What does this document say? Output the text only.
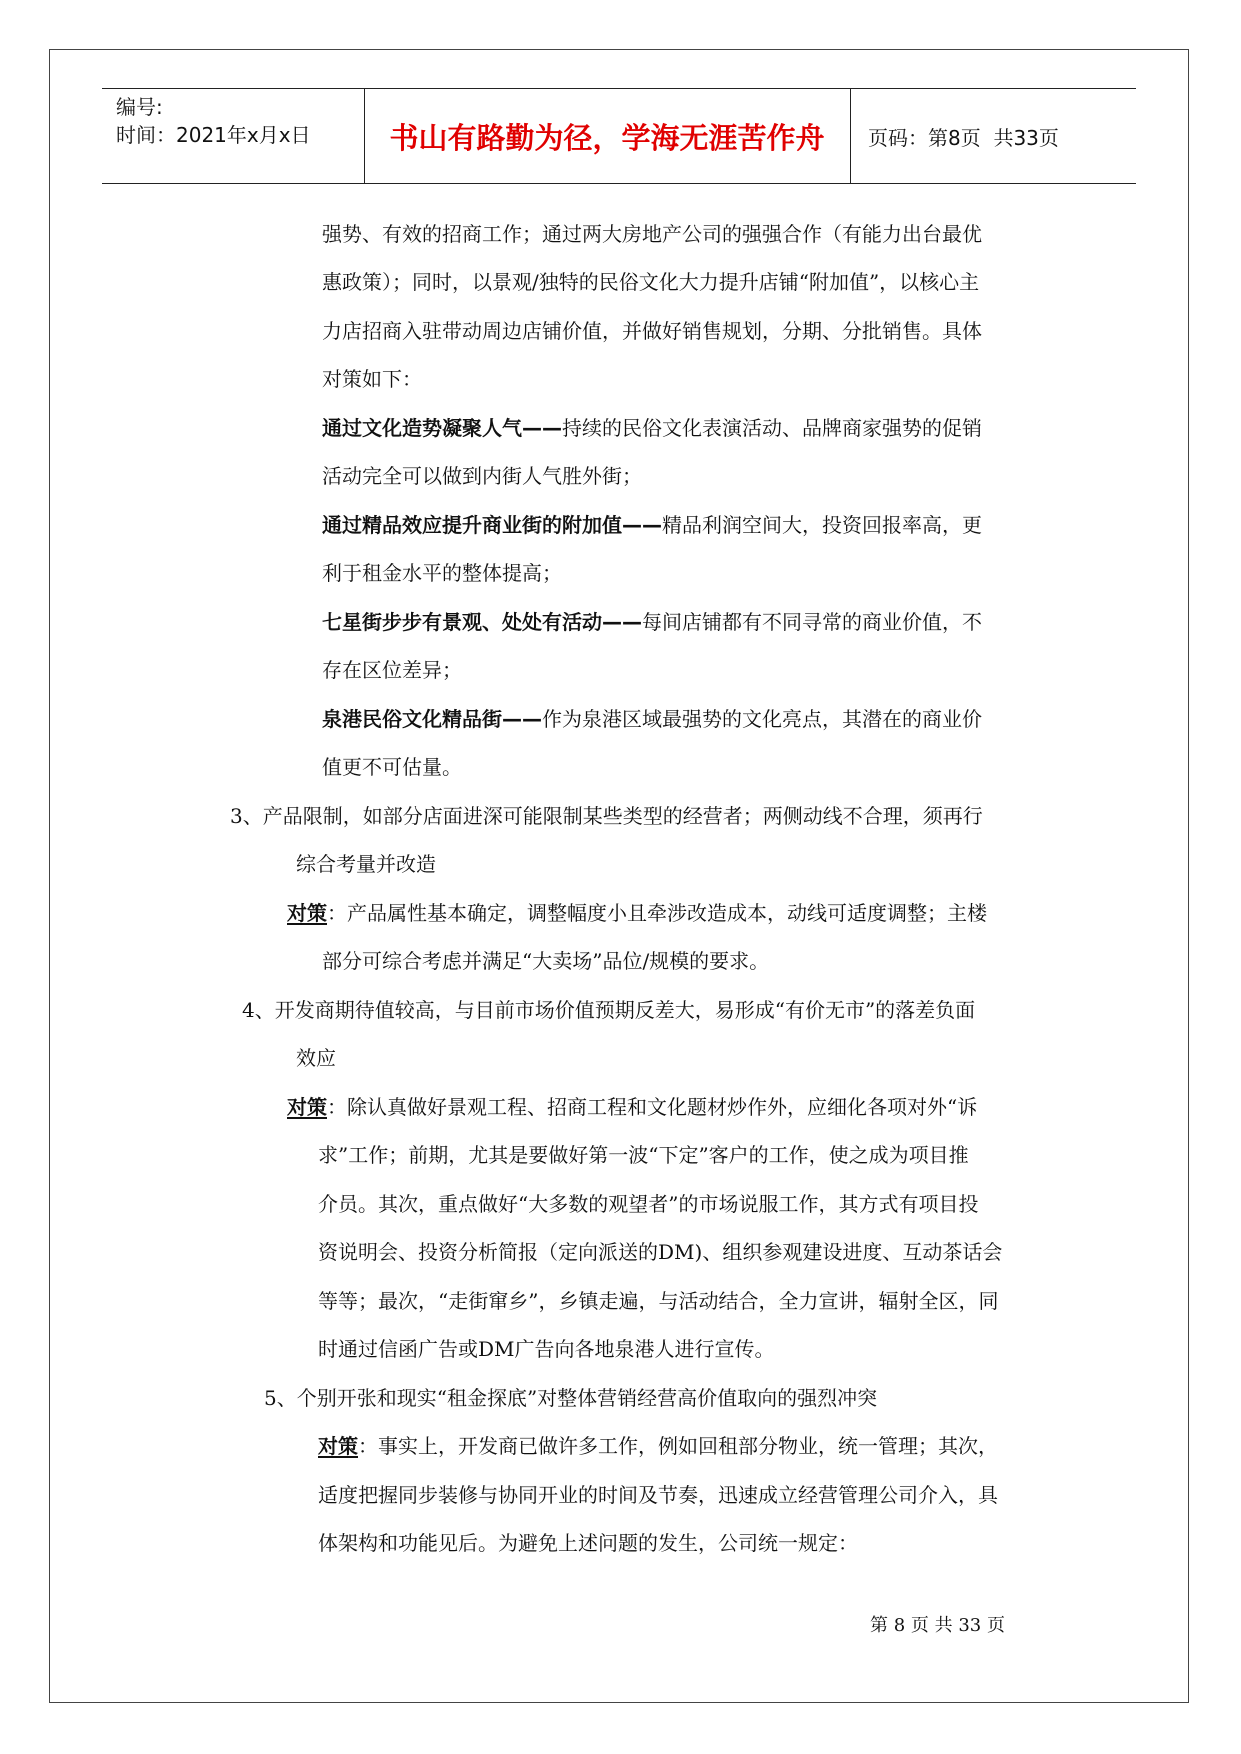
编号:
时间：2021年x月x日	书山有路勤为径，学海无涯苦作舟	页码：第8页  共33页
强势、有效的招商工作；通过两大房地产公司的强强合作（有能力出台最优
惠政策）；同时，以景观/独特的民俗文化大力提升店铺“附加值”，以核心主
力店招商入驻带动周边店铺价值，并做好销售规划，分期、分批销售。具体
对策如下：
通过文化造势凝聚人气——持续的民俗文化表演活动、品牌商家强势的促销
活动完全可以做到内街人气胜外街；
通过精品效应提升商业街的附加值——精品利润空间大，投资回报率高，更
利于租金水平的整体提高；
七星街步步有景观、处处有活动——每间店铺都有不同寻常的商业价值，不
存在区位差异；
泉港民俗文化精品街——作为泉港区域最强势的文化亮点，其潜在的商业价
值更不可估量。
3、产品限制，如部分店面进深可能限制某些类型的经营者；两侧动线不合理，须再行
综合考量并改造
对策：产品属性基本确定，调整幅度小且牵涉改造成本，动线可适度调整；主楼
部分可综合考虑并满足“大卖场”品位/规模的要求。
4、开发商期待值较高，与目前市场价值预期反差大，易形成“有价无市”的落差负面
效应
对策：除认真做好景观工程、招商工程和文化题材炒作外，应细化各项对外“诉
求”工作；前期，尤其是要做好第一波“下定”客户的工作，使之成为项目推
介员。其次，重点做好“大多数的观望者”的市场说服工作，其方式有项目投
资说明会、投资分析简报（定向派送的DM)、组织参观建设进度、互动茶话会
等等；最次，“走街窜乡”，乡镇走遍，与活动结合，全力宣讲，辐射全区，同
时通过信函广告或DM广告向各地泉港人进行宣传。
5、个别开张和现实“租金探底”对整体营销经营高价值取向的强烈冲突
对策：事实上，开发商已做许多工作，例如回租部分物业，统一管理；其次，
适度把握同步装修与协同开业的时间及节奏，迅速成立经营管理公司介入，具
体架构和功能见后。为避免上述问题的发生，公司统一规定：
第 8 页 共 33 页
